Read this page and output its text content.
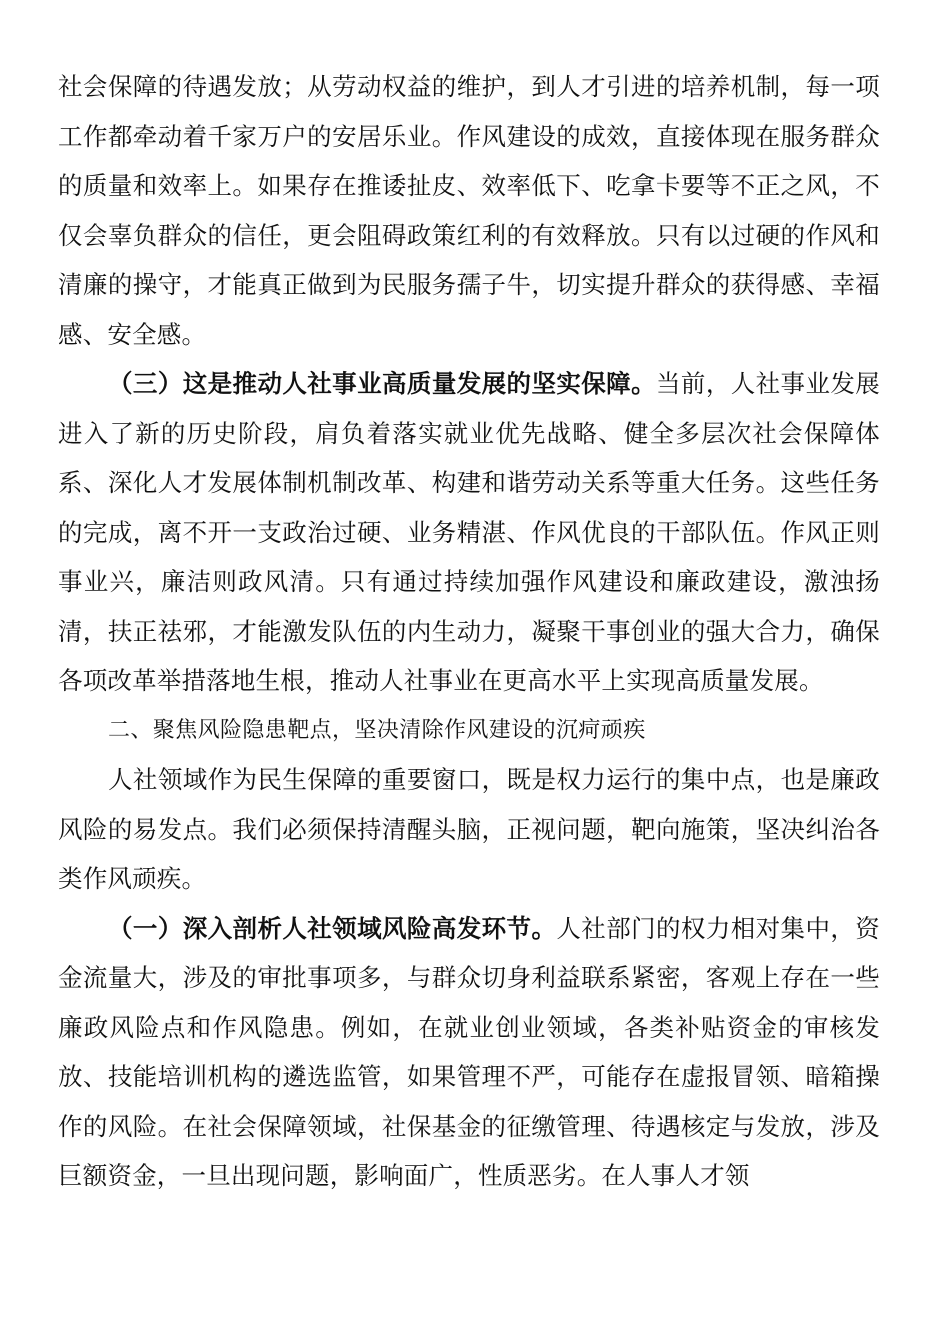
社会保障的待遇发放；从劳动权益的维护，到人才引进的培养机制，每一项工作都牵动着千家万户的安居乐业。作风建设的成效，直接体现在服务群众的质量和效率上。如果存在推诿扯皮、效率低下、吃拿卡要等不正之风，不仅会辜负群众的信任，更会阻碍政策红利的有效释放。只有以过硬的作风和清廉的操守，才能真正做到为民服务孺子牛，切实提升群众的获得感、幸福感、安全感。

（三）这是推动人社事业高质量发展的坚实保障。当前，人社事业发展进入了新的历史阶段，肩负着落实就业优先战略、健全多层次社会保障体系、深化人才发展体制机制改革、构建和谐劳动关系等重大任务。这些任务的完成，离不开一支政治过硬、业务精湛、作风优良的干部队伍。作风正则事业兴，廉洁则政风清。只有通过持续加强作风建设和廉政建设，激浊扬清，扶正祛邪，才能激发队伍的内生动力，凝聚干事创业的强大合力，确保各项改革举措落地生根，推动人社事业在更高水平上实现高质量发展。

二、聚焦风险隐患靶点，坚决清除作风建设的沉疴顽疾

人社领域作为民生保障的重要窗口，既是权力运行的集中点，也是廉政风险的易发点。我们必须保持清醒头脑，正视问题，靶向施策，坚决纠治各类作风顽疾。

（一）深入剖析人社领域风险高发环节。人社部门的权力相对集中，资金流量大，涉及的审批事项多，与群众切身利益联系紧密，客观上存在一些廉政风险点和作风隐患。例如，在就业创业领域，各类补贴资金的审核发放、技能培训机构的遴选监管，如果管理不严，可能存在虚报冒领、暗箱操作的风险。在社会保障领域，社保基金的征缴管理、待遇核定与发放，涉及巨额资金，一旦出现问题，影响面广，性质恶劣。在人事人才领
